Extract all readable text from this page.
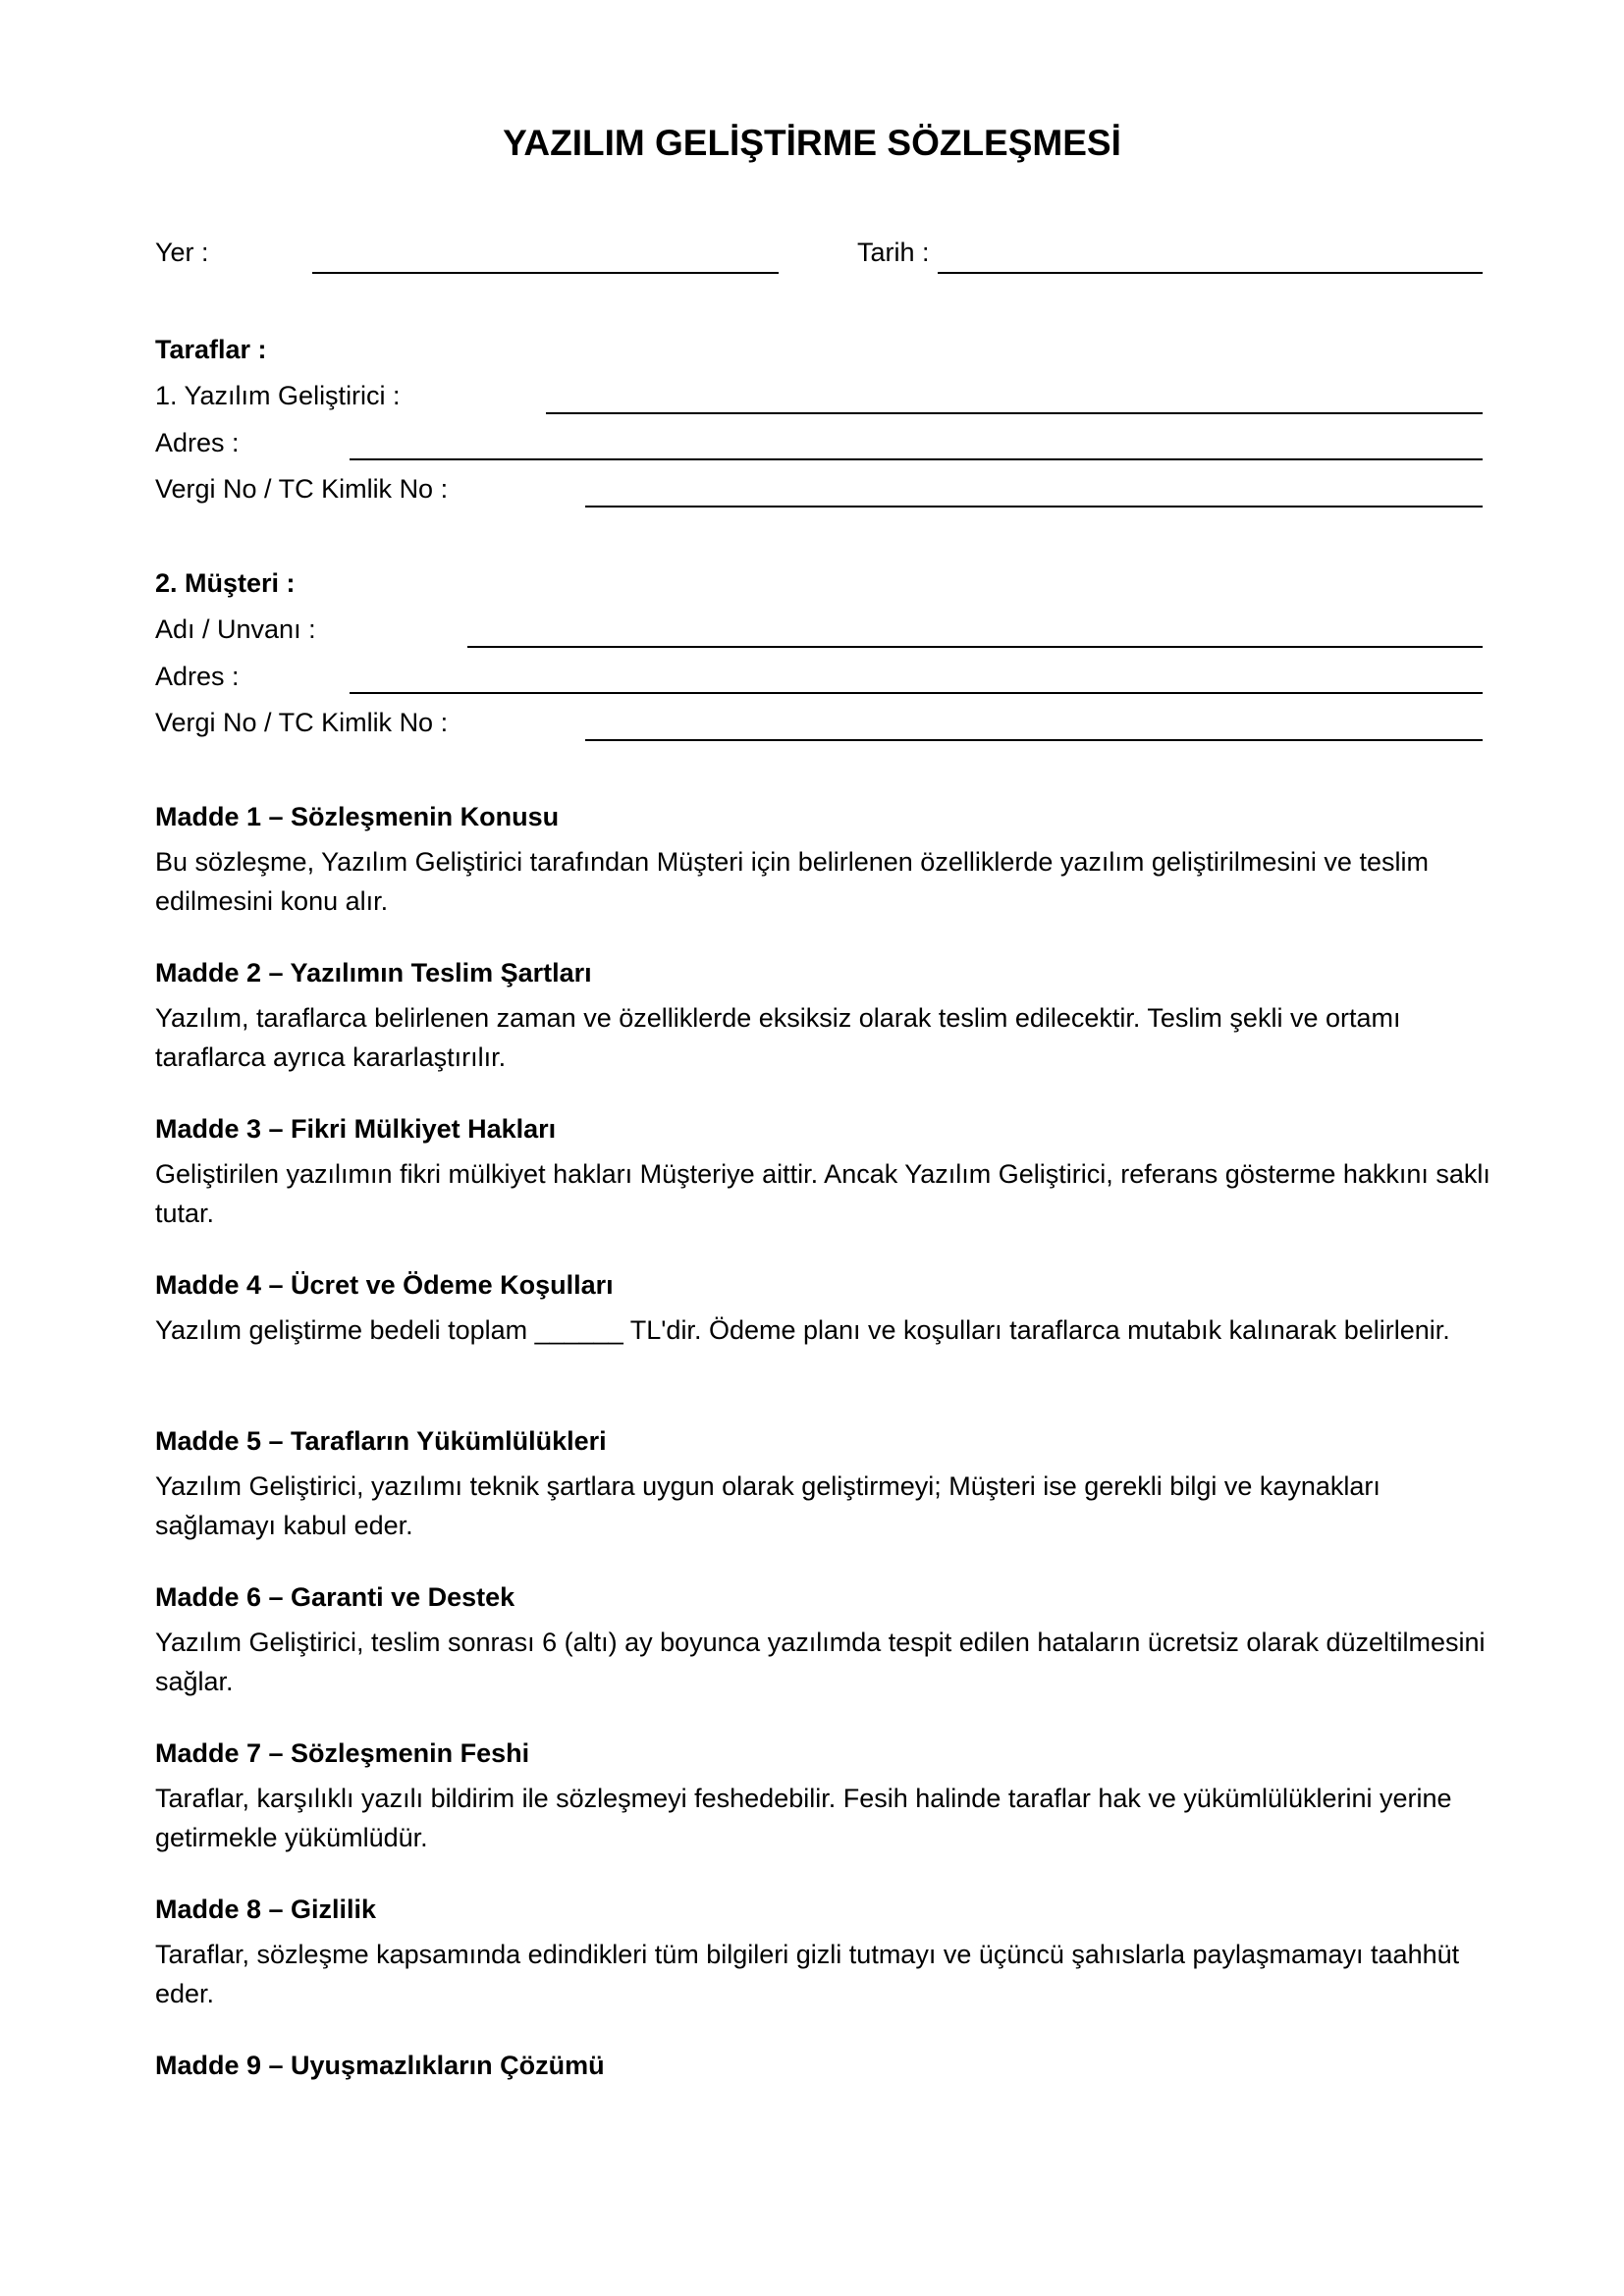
YAZILIM GELİŞTİRME SÖZLEŞMESİ
Yer :	Tarih :
Taraflar :
1. Yazılım Geliştirici :
Adres :
Vergi No / TC Kimlik No :
2. Müşteri :
Adı / Unvanı :
Adres :
Vergi No / TC Kimlik No :
Madde 1 – Sözleşmenin Konusu
Bu sözleşme, Yazılım Geliştirici tarafından Müşteri için belirlenen özelliklerde yazılım geliştirilmesini ve teslim edilmesini konu alır.
Madde 2 – Yazılımın Teslim Şartları
Yazılım, taraflarca belirlenen zaman ve özelliklerde eksiksiz olarak teslim edilecektir. Teslim şekli ve ortamı taraflarca ayrıca kararlaştırılır.
Madde 3 – Fikri Mülkiyet Hakları
Geliştirilen yazılımın fikri mülkiyet hakları Müşteriye aittir. Ancak Yazılım Geliştirici, referans gösterme hakkını saklı tutar.
Madde 4 – Ücret ve Ödeme Koşulları
Yazılım geliştirme bedeli toplam ______ TL'dir. Ödeme planı ve koşulları taraflarca mutabık kalınarak belirlenir.
Madde 5 – Tarafların Yükümlülükleri
Yazılım Geliştirici, yazılımı teknik şartlara uygun olarak geliştirmeyi; Müşteri ise gerekli bilgi ve kaynakları sağlamayı kabul eder.
Madde 6 – Garanti ve Destek
Yazılım Geliştirici, teslim sonrası 6 (altı) ay boyunca yazılımda tespit edilen hataların ücretsiz olarak düzeltilmesini sağlar.
Madde 7 – Sözleşmenin Feshi
Taraflar, karşılıklı yazılı bildirim ile sözleşmeyi feshedebilir. Fesih halinde taraflar hak ve yükümlülüklerini yerine getirmekle yükümlüdür.
Madde 8 – Gizlilik
Taraflar, sözleşme kapsamında edindikleri tüm bilgileri gizli tutmayı ve üçüncü şahıslarla paylaşmamayı taahhüt eder.
Madde 9 – Uyuşmazlıkların Çözümü
